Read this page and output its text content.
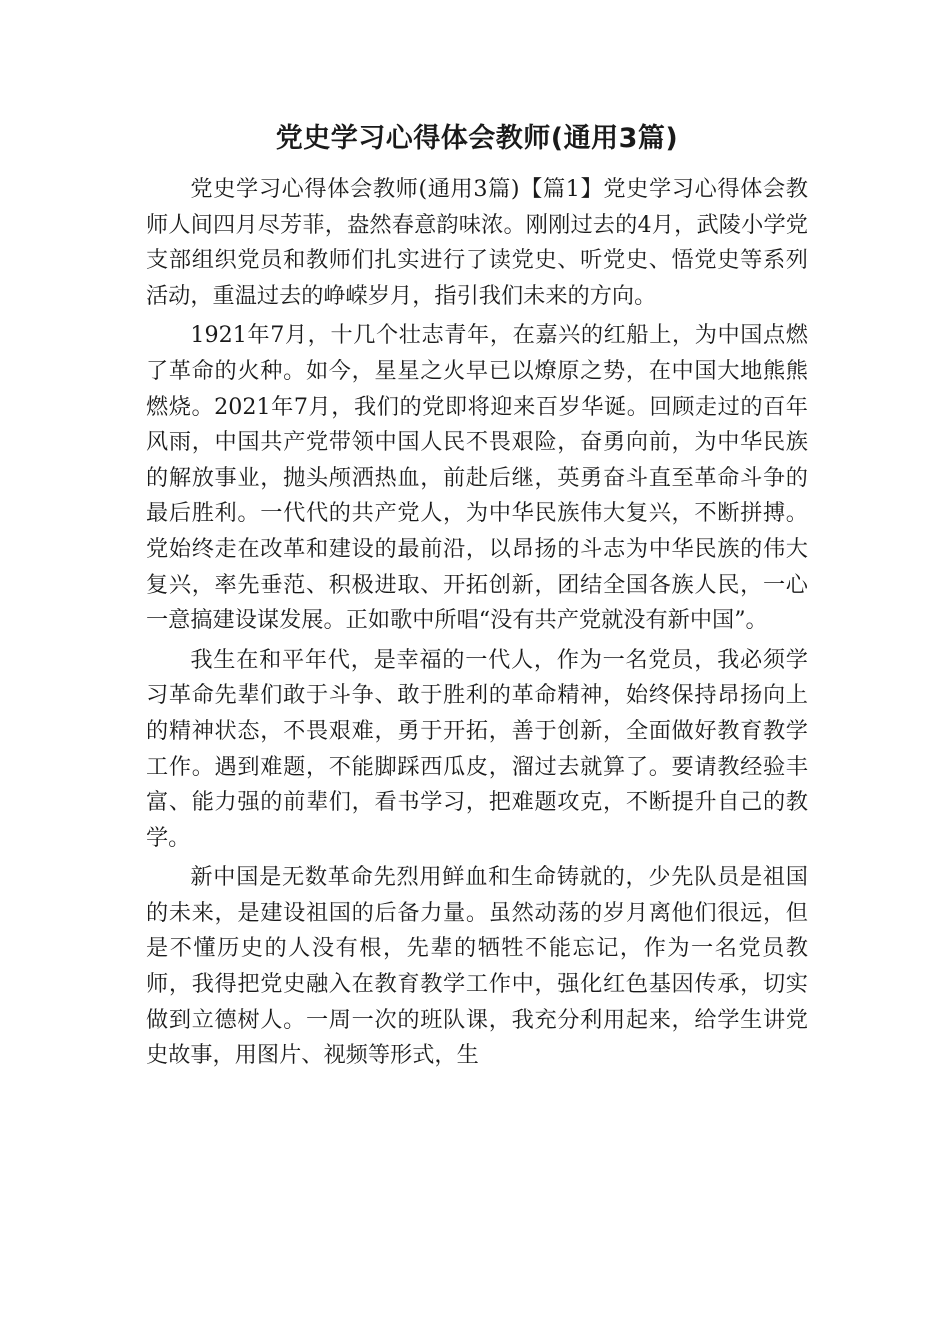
党史学习心得体会教师(通用3篇)

党史学习心得体会教师(通用3篇)【篇1】党史学习心得体会教师人间四月尽芳菲，盎然春意韵味浓。刚刚过去的4月，武陵小学党支部组织党员和教师们扎实进行了读党史、听党史、悟党史等系列活动，重温过去的峥嵘岁月，指引我们未来的方向。

1921年7月，十几个壮志青年，在嘉兴的红船上，为中国点燃了革命的火种。如今，星星之火早已以燎原之势，在中国大地熊熊燃烧。2021年7月，我们的党即将迎来百岁华诞。回顾走过的百年风雨，中国共产党带领中国人民不畏艰险，奋勇向前，为中华民族的解放事业，抛头颅洒热血，前赴后继，英勇奋斗直至革命斗争的最后胜利。一代代的共产党人，为中华民族伟大复兴，不断拼搏。党始终走在改革和建设的最前沿，以昂扬的斗志为中华民族的伟大复兴，率先垂范、积极进取、开拓创新，团结全国各族人民，一心一意搞建设谋发展。正如歌中所唱“没有共产党就没有新中国”。

我生在和平年代，是幸福的一代人，作为一名党员，我必须学习革命先辈们敢于斗争、敢于胜利的革命精神，始终保持昂扬向上的精神状态，不畏艰难，勇于开拓，善于创新，全面做好教育教学工作。遇到难题，不能脚踩西瓜皮，溜过去就算了。要请教经验丰富、能力强的前辈们，看书学习，把难题攻克，不断提升自己的教学。

新中国是无数革命先烈用鲜血和生命铸就的，少先队员是祖国的未来，是建设祖国的后备力量。虽然动荡的岁月离他们很远，但是不懂历史的人没有根，先辈的牺牲不能忘记，作为一名党员教师，我得把党史融入在教育教学工作中，强化红色基因传承，切实做到立德树人。一周一次的班队课，我充分利用起来，给学生讲党史故事，用图片、视频等形式，生
